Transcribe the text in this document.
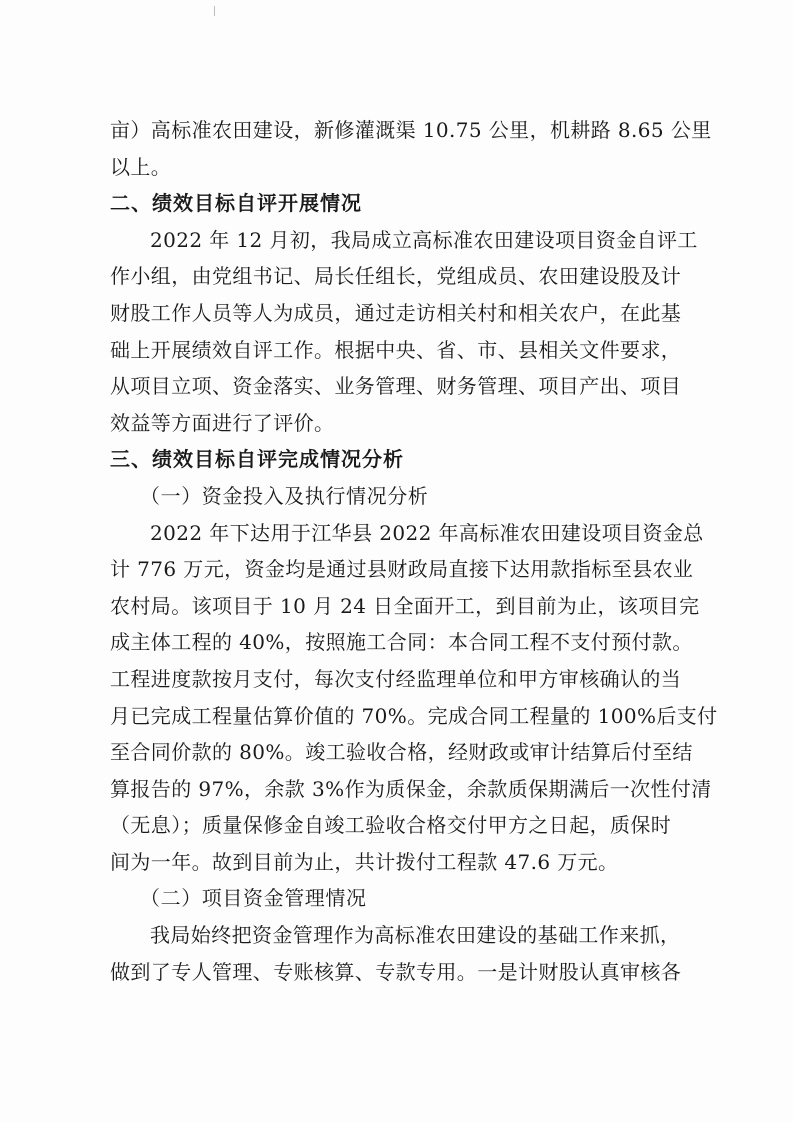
亩）高标准农田建设，新修灌溉渠 10.75 公里，机耕路 8.65 公里
以上。

二、绩效目标自评开展情况

2022 年 12 月初，我局成立高标准农田建设项目资金自评工
作小组，由党组书记、局长任组长，党组成员、农田建设股及计
财股工作人员等人为成员，通过走访相关村和相关农户，在此基
础上开展绩效自评工作。根据中央、省、市、县相关文件要求，
从项目立项、资金落实、业务管理、财务管理、项目产出、项目
效益等方面进行了评价。

三、绩效目标自评完成情况分析

（一）资金投入及执行情况分析

2022 年下达用于江华县 2022 年高标准农田建设项目资金总
计 776 万元，资金均是通过县财政局直接下达用款指标至县农业
农村局。该项目于 10 月 24 日全面开工，到目前为止，该项目完
成主体工程的 40%，按照施工合同：本合同工程不支付预付款。
工程进度款按月支付，每次支付经监理单位和甲方审核确认的当
月已完成工程量估算价值的 70%。完成合同工程量的 100%后支付
至合同价款的 80%。竣工验收合格，经财政或审计结算后付至结
算报告的 97%，余款 3%作为质保金，余款质保期满后一次性付清
（无息）；质量保修金自竣工验收合格交付甲方之日起，质保时
间为一年。故到目前为止，共计拨付工程款 47.6 万元。

（二）项目资金管理情况

我局始终把资金管理作为高标准农田建设的基础工作来抓，
做到了专人管理、专账核算、专款专用。一是计财股认真审核各
